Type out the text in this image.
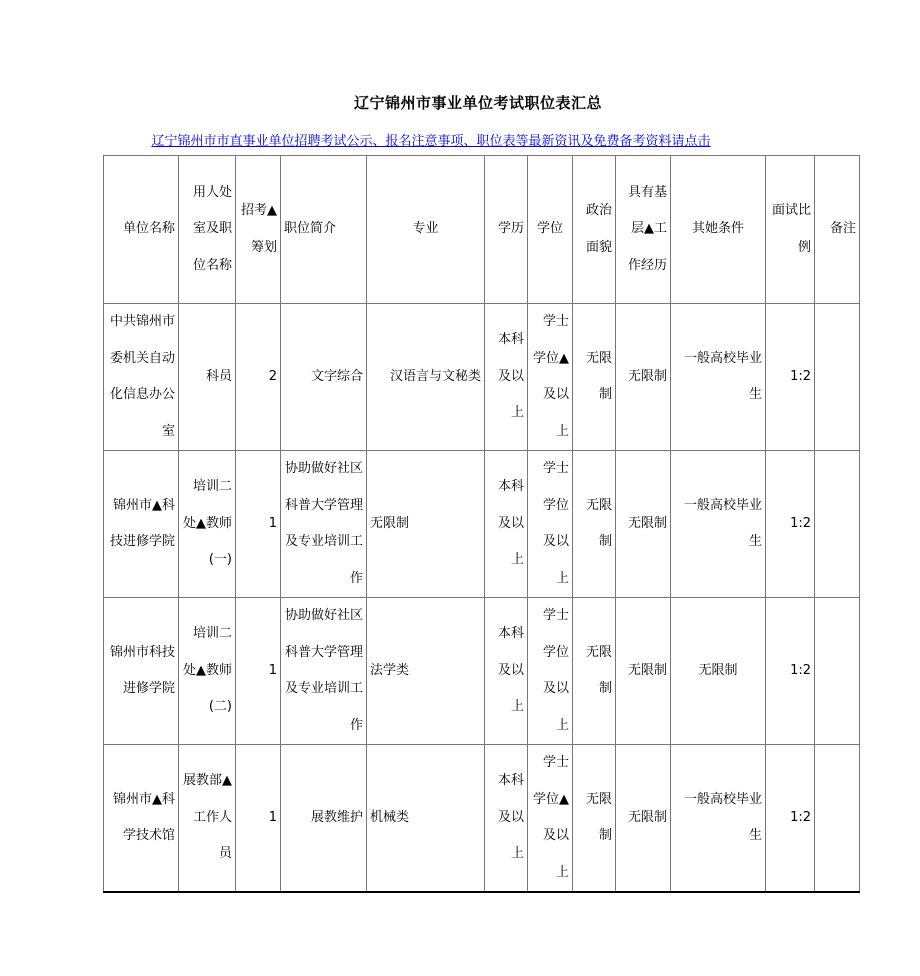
辽宁锦州市事业单位考试职位表汇总
辽宁锦州市市直事业单位招聘考试公示、报名注意事项、职位表等最新资讯及免费备考资料请点击
单位名称	用人处室及职位名称	招考▲筹划	职位简介	专业	学历	学位	政治面貌	具有基层▲工作经历	其她条件	面试比例	备注
中共锦州市委机关自动化信息办公室	科员	2	文字综合	汉语言与文秘类	本科及以上	学士学位▲及以上	无限制	无限制	一般高校毕业生	1:2	
锦州市▲科技进修学院	培训二处▲教师(一)	1	协助做好社区科普大学管理及专业培训工作	无限制	本科及以上	学士学位及以上	无限制	无限制	一般高校毕业生	1:2	
锦州市科技进修学院	培训二处▲教师(二)	1	协助做好社区科普大学管理及专业培训工作	法学类	本科及以上	学士学位及以上	无限制	无限制	无限制	1:2	
锦州市▲科学技术馆	展教部▲工作人员	1	展教维护	机械类	本科及以上	学士学位▲及以上	无限制	无限制	一般高校毕业生	1:2	
